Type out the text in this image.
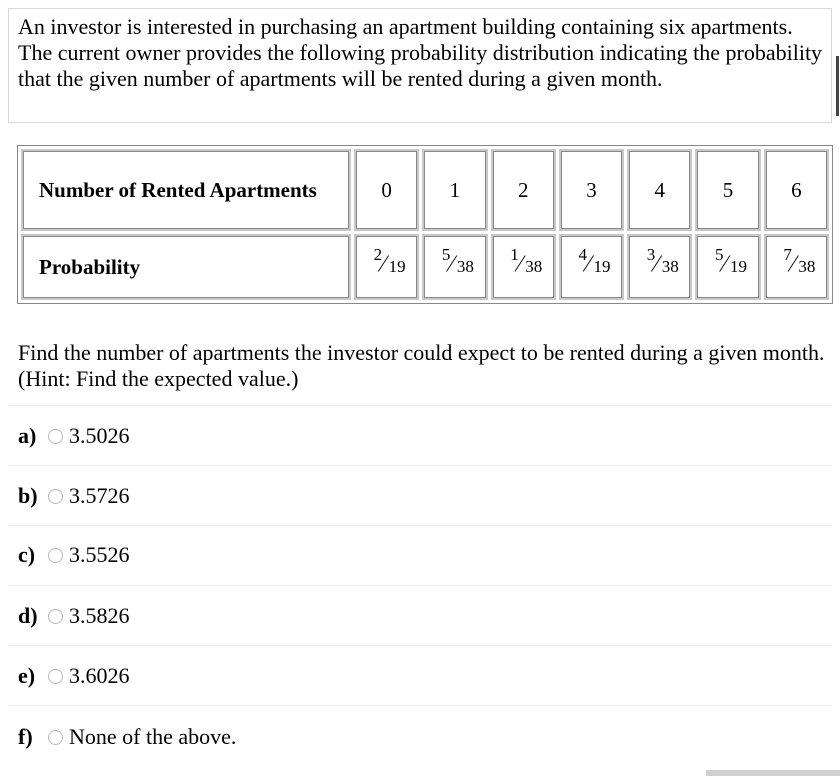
An investor is interested in purchasing an apartment building containing six apartments. The current owner provides the following probability distribution indicating the probability that the given number of apartments will be rented during a given month.

Number of Rented Apartments	0	1	2	3	4	5	6
Probability	2 ⁄ 19	5 ⁄ 38	1 ⁄ 38	4 ⁄ 19	3 ⁄ 38	5 ⁄ 19	7 ⁄ 38

Find the number of apartments the investor could expect to be rented during a given month. (Hint: Find the expected value.)

a)	3.5026
b)	3.5726
c)	3.5526
d)	3.5826
e)	3.6026
f)	None of the above.
